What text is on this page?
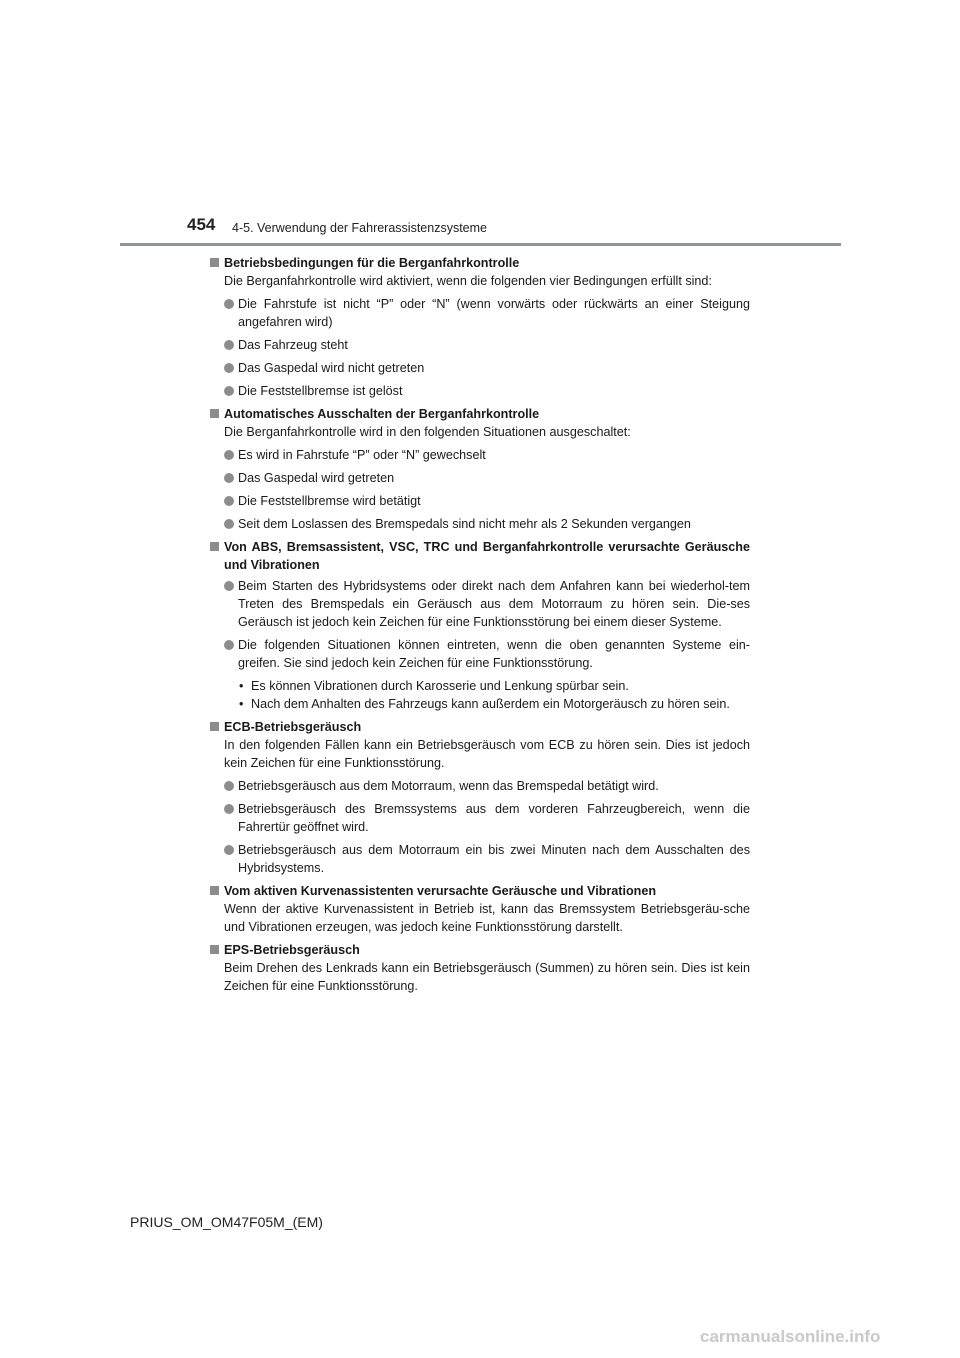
454 4-5. Verwendung der Fahrerassistenzsysteme
Betriebsbedingungen für die Berganfahrkontrolle
Die Berganfahrkontrolle wird aktiviert, wenn die folgenden vier Bedingungen erfüllt sind:
Die Fahrstufe ist nicht “P” oder “N” (wenn vorwärts oder rückwärts an einer Steigung angefahren wird)
Das Fahrzeug steht
Das Gaspedal wird nicht getreten
Die Feststellbremse ist gelöst
Automatisches Ausschalten der Berganfahrkontrolle
Die Berganfahrkontrolle wird in den folgenden Situationen ausgeschaltet:
Es wird in Fahrstufe “P” oder “N” gewechselt
Das Gaspedal wird getreten
Die Feststellbremse wird betätigt
Seit dem Loslassen des Bremspedals sind nicht mehr als 2 Sekunden vergangen
Von ABS, Bremsassistent, VSC, TRC und Berganfahrkontrolle verursachte Geräusche und Vibrationen
Beim Starten des Hybridsystems oder direkt nach dem Anfahren kann bei wiederhol-tem Treten des Bremspedals ein Geräusch aus dem Motorraum zu hören sein. Die-ses Geräusch ist jedoch kein Zeichen für eine Funktionsstörung bei einem dieser Systeme.
Die folgenden Situationen können eintreten, wenn die oben genannten Systeme ein-greifen. Sie sind jedoch kein Zeichen für eine Funktionsstörung.
• Es können Vibrationen durch Karosserie und Lenkung spürbar sein.
• Nach dem Anhalten des Fahrzeugs kann außerdem ein Motorgeräusch zu hören sein.
ECB-Betriebsgeräusch
In den folgenden Fällen kann ein Betriebsgeräusch vom ECB zu hören sein. Dies ist jedoch kein Zeichen für eine Funktionsstörung.
Betriebsgeräusch aus dem Motorraum, wenn das Bremspedal betätigt wird.
Betriebsgeräusch des Bremssystems aus dem vorderen Fahrzeugbereich, wenn die Fahrertür geöffnet wird.
Betriebsgeräusch aus dem Motorraum ein bis zwei Minuten nach dem Ausschalten des Hybridsystems.
Vom aktiven Kurvenassistenten verursachte Geräusche und Vibrationen
Wenn der aktive Kurvenassistent in Betrieb ist, kann das Bremssystem Betriebsgeräu-sche und Vibrationen erzeugen, was jedoch keine Funktionsstörung darstellt.
EPS-Betriebsgeräusch
Beim Drehen des Lenkrads kann ein Betriebsgeräusch (Summen) zu hören sein. Dies ist kein Zeichen für eine Funktionsstörung.
PRIUS_OM_OM47F05M_(EM)
carmanualsonline.info
